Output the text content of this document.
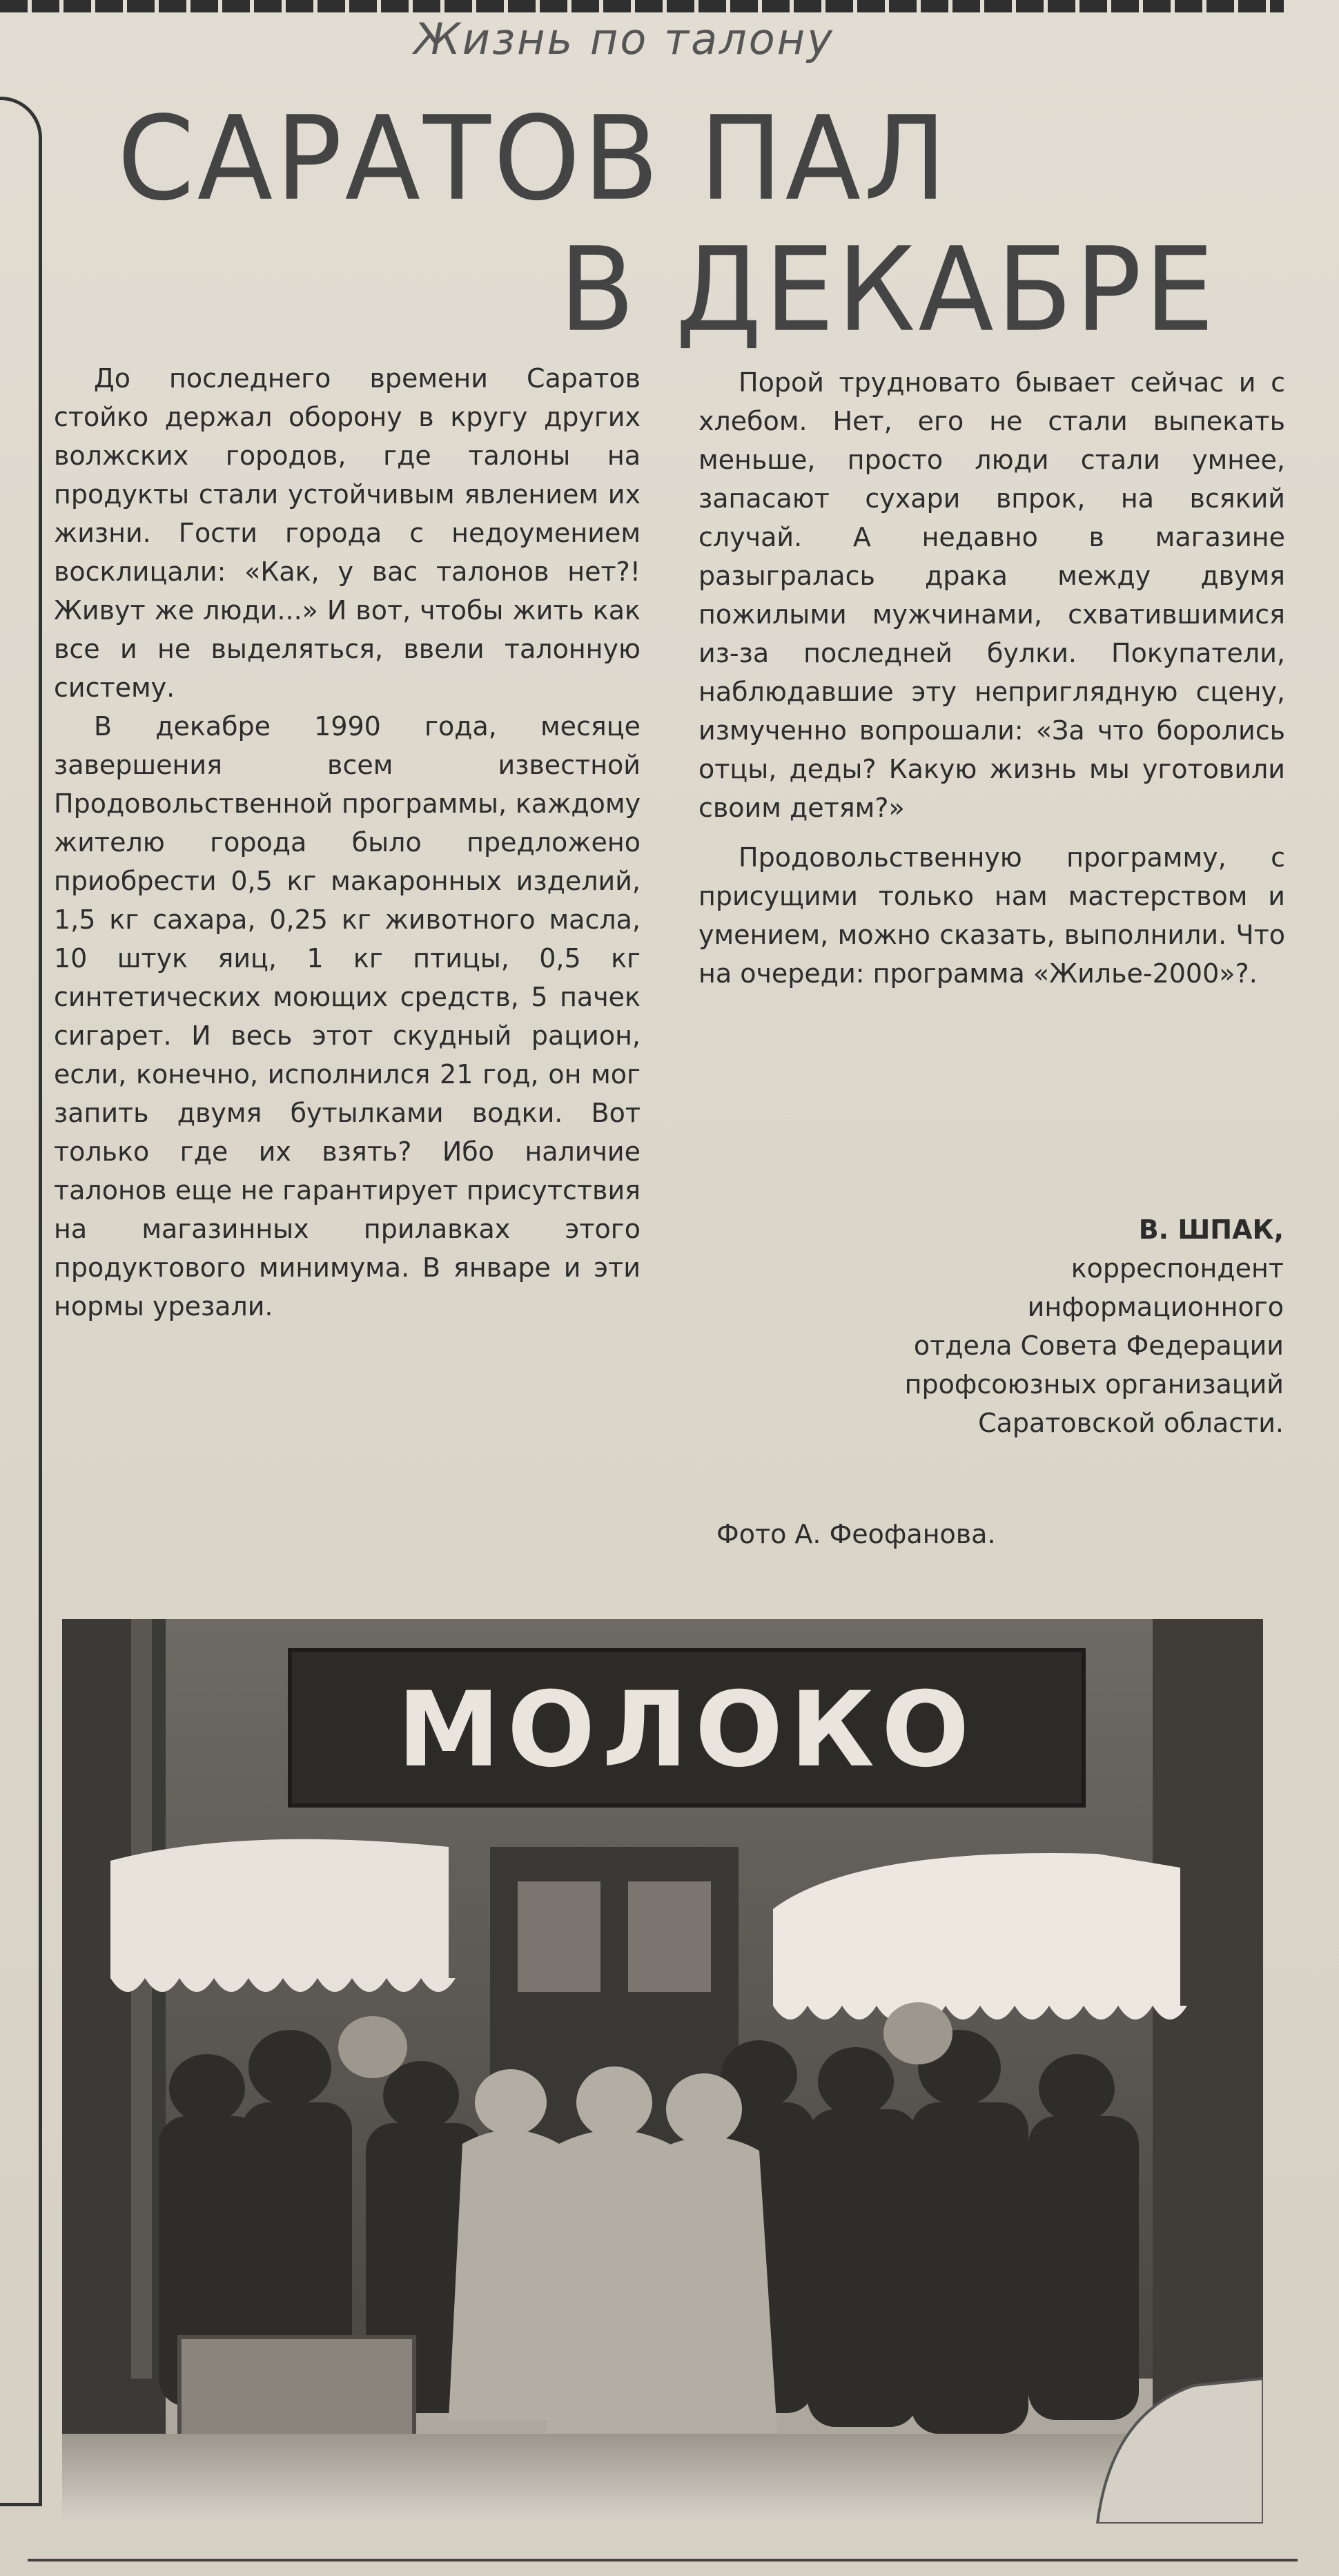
Жизнь по талону
САРАТОВ ПАЛ
В ДЕКАБРЕ

До последнего времени Саратов стойко держал оборону в кругу других волжских городов, где талоны на продукты стали устойчивым явлением их жизни. Гости города с недоумением восклицали: «Как, у вас талонов нет?! Живут же люди...» И вот, чтобы жить как все и не выделяться, ввели талонную систему.

В декабре 1990 года, месяце завершения всем известной Продовольственной программы, каждому жителю города было предложено приобрести 0,5 кг макаронных изделий, 1,5 кг сахара, 0,25 кг животного масла, 10 штук яиц, 1 кг птицы, 0,5 кг синтетических моющих средств, 5 пачек сигарет. И весь этот скудный рацион, если, конечно, исполнился 21 год, он мог запить двумя бутылками водки. Вот только где их взять? Ибо наличие талонов еще не гарантирует присутствия на магазинных прилавках этого продуктового минимума. В январе и эти нормы урезали.

Порой трудновато бывает сейчас и с хлебом. Нет, его не стали выпекать меньше, просто люди стали умнее, запасают сухари впрок, на всякий случай. А недавно в магазине разыгралась драка между двумя пожилыми мужчинами, схватившимися из-за последней булки. Покупатели, наблюдавшие эту неприглядную сцену, измученно вопрошали: «За что боролись отцы, деды? Какую жизнь мы уготовили своим детям?»

Продовольственную программу, с присущими только нам мастерством и умением, можно сказать, выполнили. Что на очереди: программа «Жилье-2000»?.

В. ШПАК,
корреспондент
информационного
отдела Совета Федерации
профсоюзных организаций
Саратовской области.
Фото А. Феофанова.
МОЛОКО
